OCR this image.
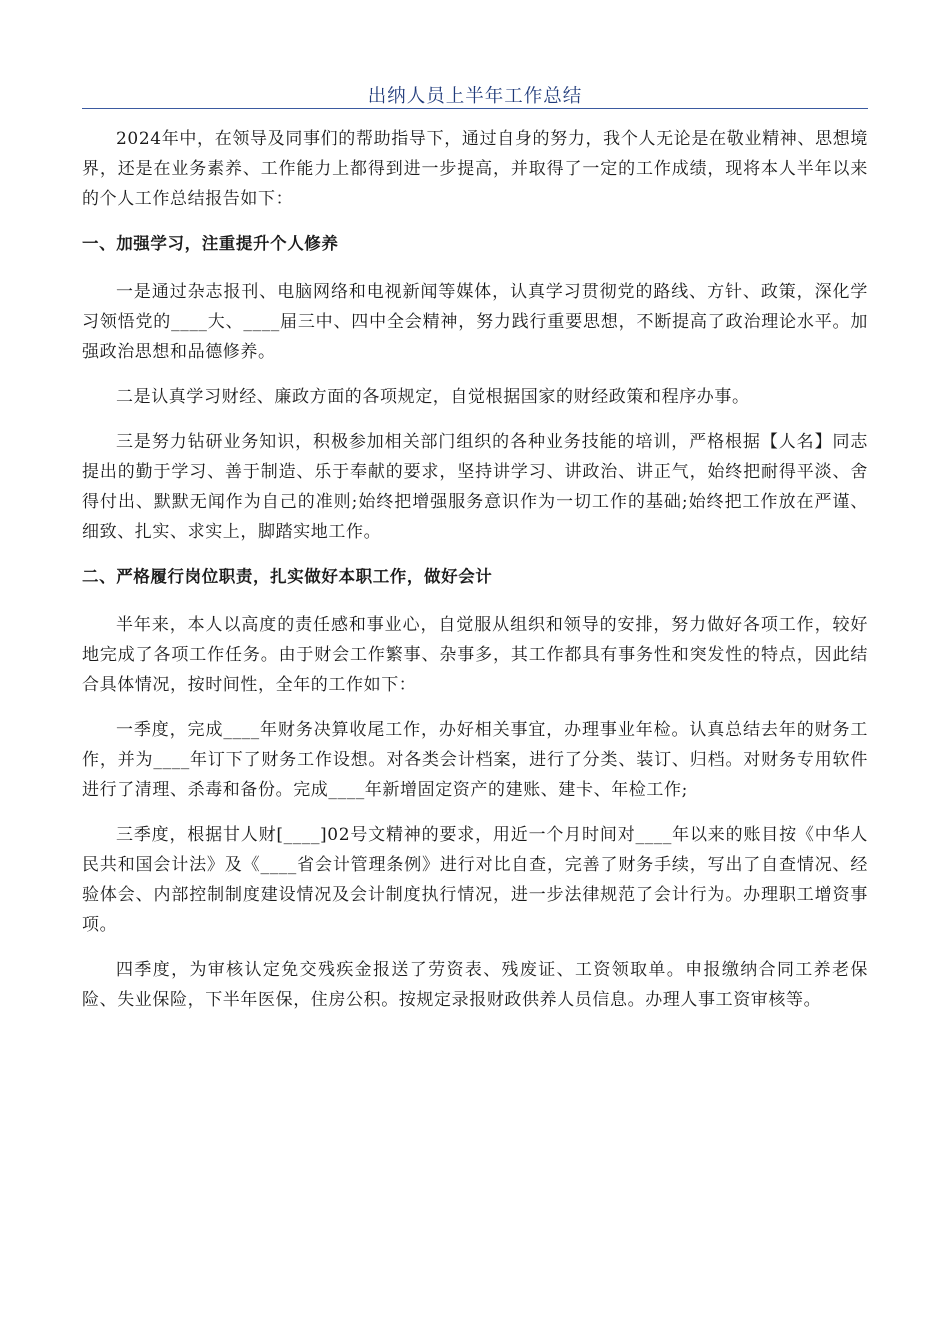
出纳人员上半年工作总结

2024年中，在领导及同事们的帮助指导下，通过自身的努力，我个人无论是在敬业精神、思想境界，还是在业务素养、工作能力上都得到进一步提高，并取得了一定的工作成绩，现将本人半年以来的个人工作总结报告如下：

一、加强学习，注重提升个人修养

一是通过杂志报刊、电脑网络和电视新闻等媒体，认真学习贯彻党的路线、方针、政策，深化学习领悟党的____大、____届三中、四中全会精神，努力践行重要思想，不断提高了政治理论水平。加强政治思想和品德修养。

二是认真学习财经、廉政方面的各项规定，自觉根据国家的财经政策和程序办事。

三是努力钻研业务知识，积极参加相关部门组织的各种业务技能的培训，严格根据【人名】同志提出的勤于学习、善于制造、乐于奉献的要求，坚持讲学习、讲政治、讲正气，始终把耐得平淡、舍得付出、默默无闻作为自己的准则;始终把增强服务意识作为一切工作的基础;始终把工作放在严谨、细致、扎实、求实上，脚踏实地工作。

二、严格履行岗位职责，扎实做好本职工作，做好会计

半年来，本人以高度的责任感和事业心，自觉服从组织和领导的安排，努力做好各项工作，较好地完成了各项工作任务。由于财会工作繁事、杂事多，其工作都具有事务性和突发性的特点，因此结合具体情况，按时间性，全年的工作如下：

一季度，完成____年财务决算收尾工作，办好相关事宜，办理事业年检。认真总结去年的财务工作，并为____年订下了财务工作设想。对各类会计档案，进行了分类、装订、归档。对财务专用软件进行了清理、杀毒和备份。完成____年新增固定资产的建账、建卡、年检工作;

三季度，根据甘人财[____]02号文精神的要求，用近一个月时间对____年以来的账目按《中华人民共和国会计法》及《____省会计管理条例》进行对比自查，完善了财务手续，写出了自查情况、经验体会、内部控制制度建设情况及会计制度执行情况，进一步法律规范了会计行为。办理职工增资事项。

四季度，为审核认定免交残疾金报送了劳资表、残废证、工资领取单。申报缴纳合同工养老保险、失业保险，下半年医保，住房公积。按规定录报财政供养人员信息。办理人事工资审核等。
